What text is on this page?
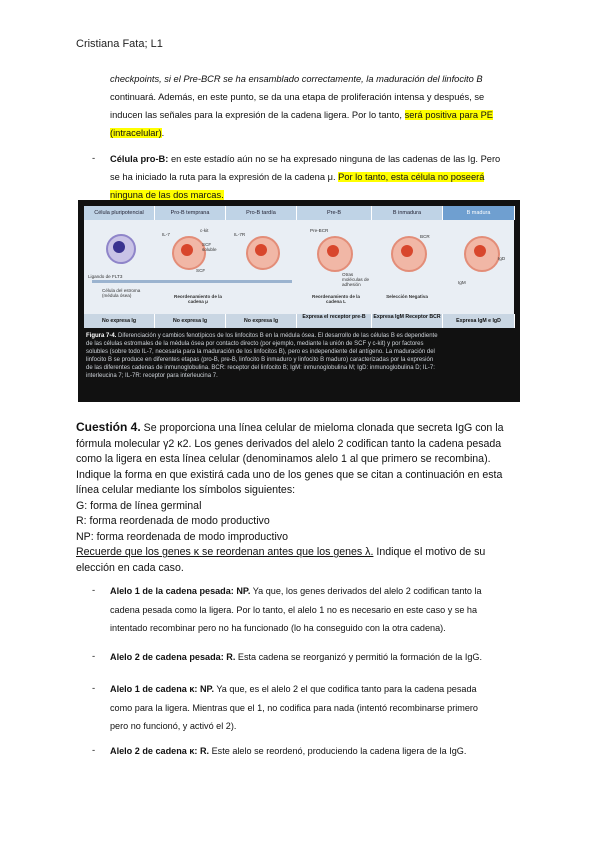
Cristiana Fata; L1
checkpoints, si el Pre-BCR se ha ensamblado correctamente, la maduración del linfocito B
continuará. Además, en este punto, se da una etapa de proliferación intensa y después, se
inducen las señales para la expresión de la cadena ligera. Por lo tanto, será positiva para PE
(intracelular).
- Célula pro-B: en este estadío aún no se ha expresado ninguna de las cadenas de las Ig. Pero
se ha iniciado la ruta para la expresión de la cadena μ. Por lo tanto, esta célula no poseerá
ninguna de las dos marcas.
Célula pluripotencial	Pro-B temprana	Pro-B tardía	Pre-B	B inmadura	B madura
Ligando de FLT3
Célula del estroma (médula ósea)
IL-7
c-kit
SCF soluble
SCF
IL-7R
Pre-BCR
Otras moléculas de adhesión
BCR
IgD
IgM
Reordenamiento de la cadena μ
Reordenamiento de la cadena L
Selección Negativa
No expresa Ig	No expresa Ig	No expresa Ig
Expresa el receptor pre-B	Expresa IgM Receptor BCR
Expresa IgM e IgD
Figura 7-4. Diferenciación y cambios fenotípicos de los linfocitos B en la médula ósea. El desarrollo de las células B es dependiente
de las células estromales de la médula ósea por contacto directo (por ejemplo, mediante la unión de SCF y c-kit) y por factores
solubles (sobre todo IL-7, necesaria para la maduración de los linfocitos B), pero es independiente del antígeno. La maduración del
linfocito B se produce en diferentes etapas (pro-B, pre-B, linfocito B inmaduro y linfocito B maduro) caracterizadas por la expresión
de las diferentes cadenas de inmunoglobulina. BCR: receptor del linfocito B; IgM: inmunoglobulina M; IgD: inmunoglobulina D; IL-7:
interleucina 7; IL-7R: receptor para interleucina 7.
Cuestión 4. Se proporciona una línea celular de mieloma clonada que secreta IgG con la
fórmula molecular γ2 κ2. Los genes derivados del alelo 2 codifican tanto la cadena pesada
como la ligera en esta línea celular (denominamos alelo 1 al que primero se recombina).
Indique la forma en que existirá cada uno de los genes que se citan a continuación en esta
línea celular mediante los símbolos siguientes:
G: forma de línea germinal
R: forma reordenada de modo productivo
NP: forma reordenada de modo improductivo
Recuerde que los genes κ se reordenan antes que los genes λ. Indique el motivo de su
elección en cada caso.
- Alelo 1 de la cadena pesada: NP. Ya que, los genes derivados del alelo 2 codifican tanto la
cadena pesada como la ligera. Por lo tanto, el alelo 1 no es necesario en este caso y se ha
intentado recombinar pero no ha funcionado (lo ha conseguido con la otra cadena).
- Alelo 2 de cadena pesada: R. Esta cadena se reorganizó y permitió la formación de la IgG.
- Alelo 1 de cadena κ: NP. Ya que, es el alelo 2 el que codifica tanto para la cadena pesada
como para la ligera. Mientras que el 1, no codifica para nada (intentó recombinarse primero
pero no funcionó, y activó el 2).
- Alelo 2 de cadena κ: R. Este alelo se reordenó, produciendo la cadena ligera de la IgG.
